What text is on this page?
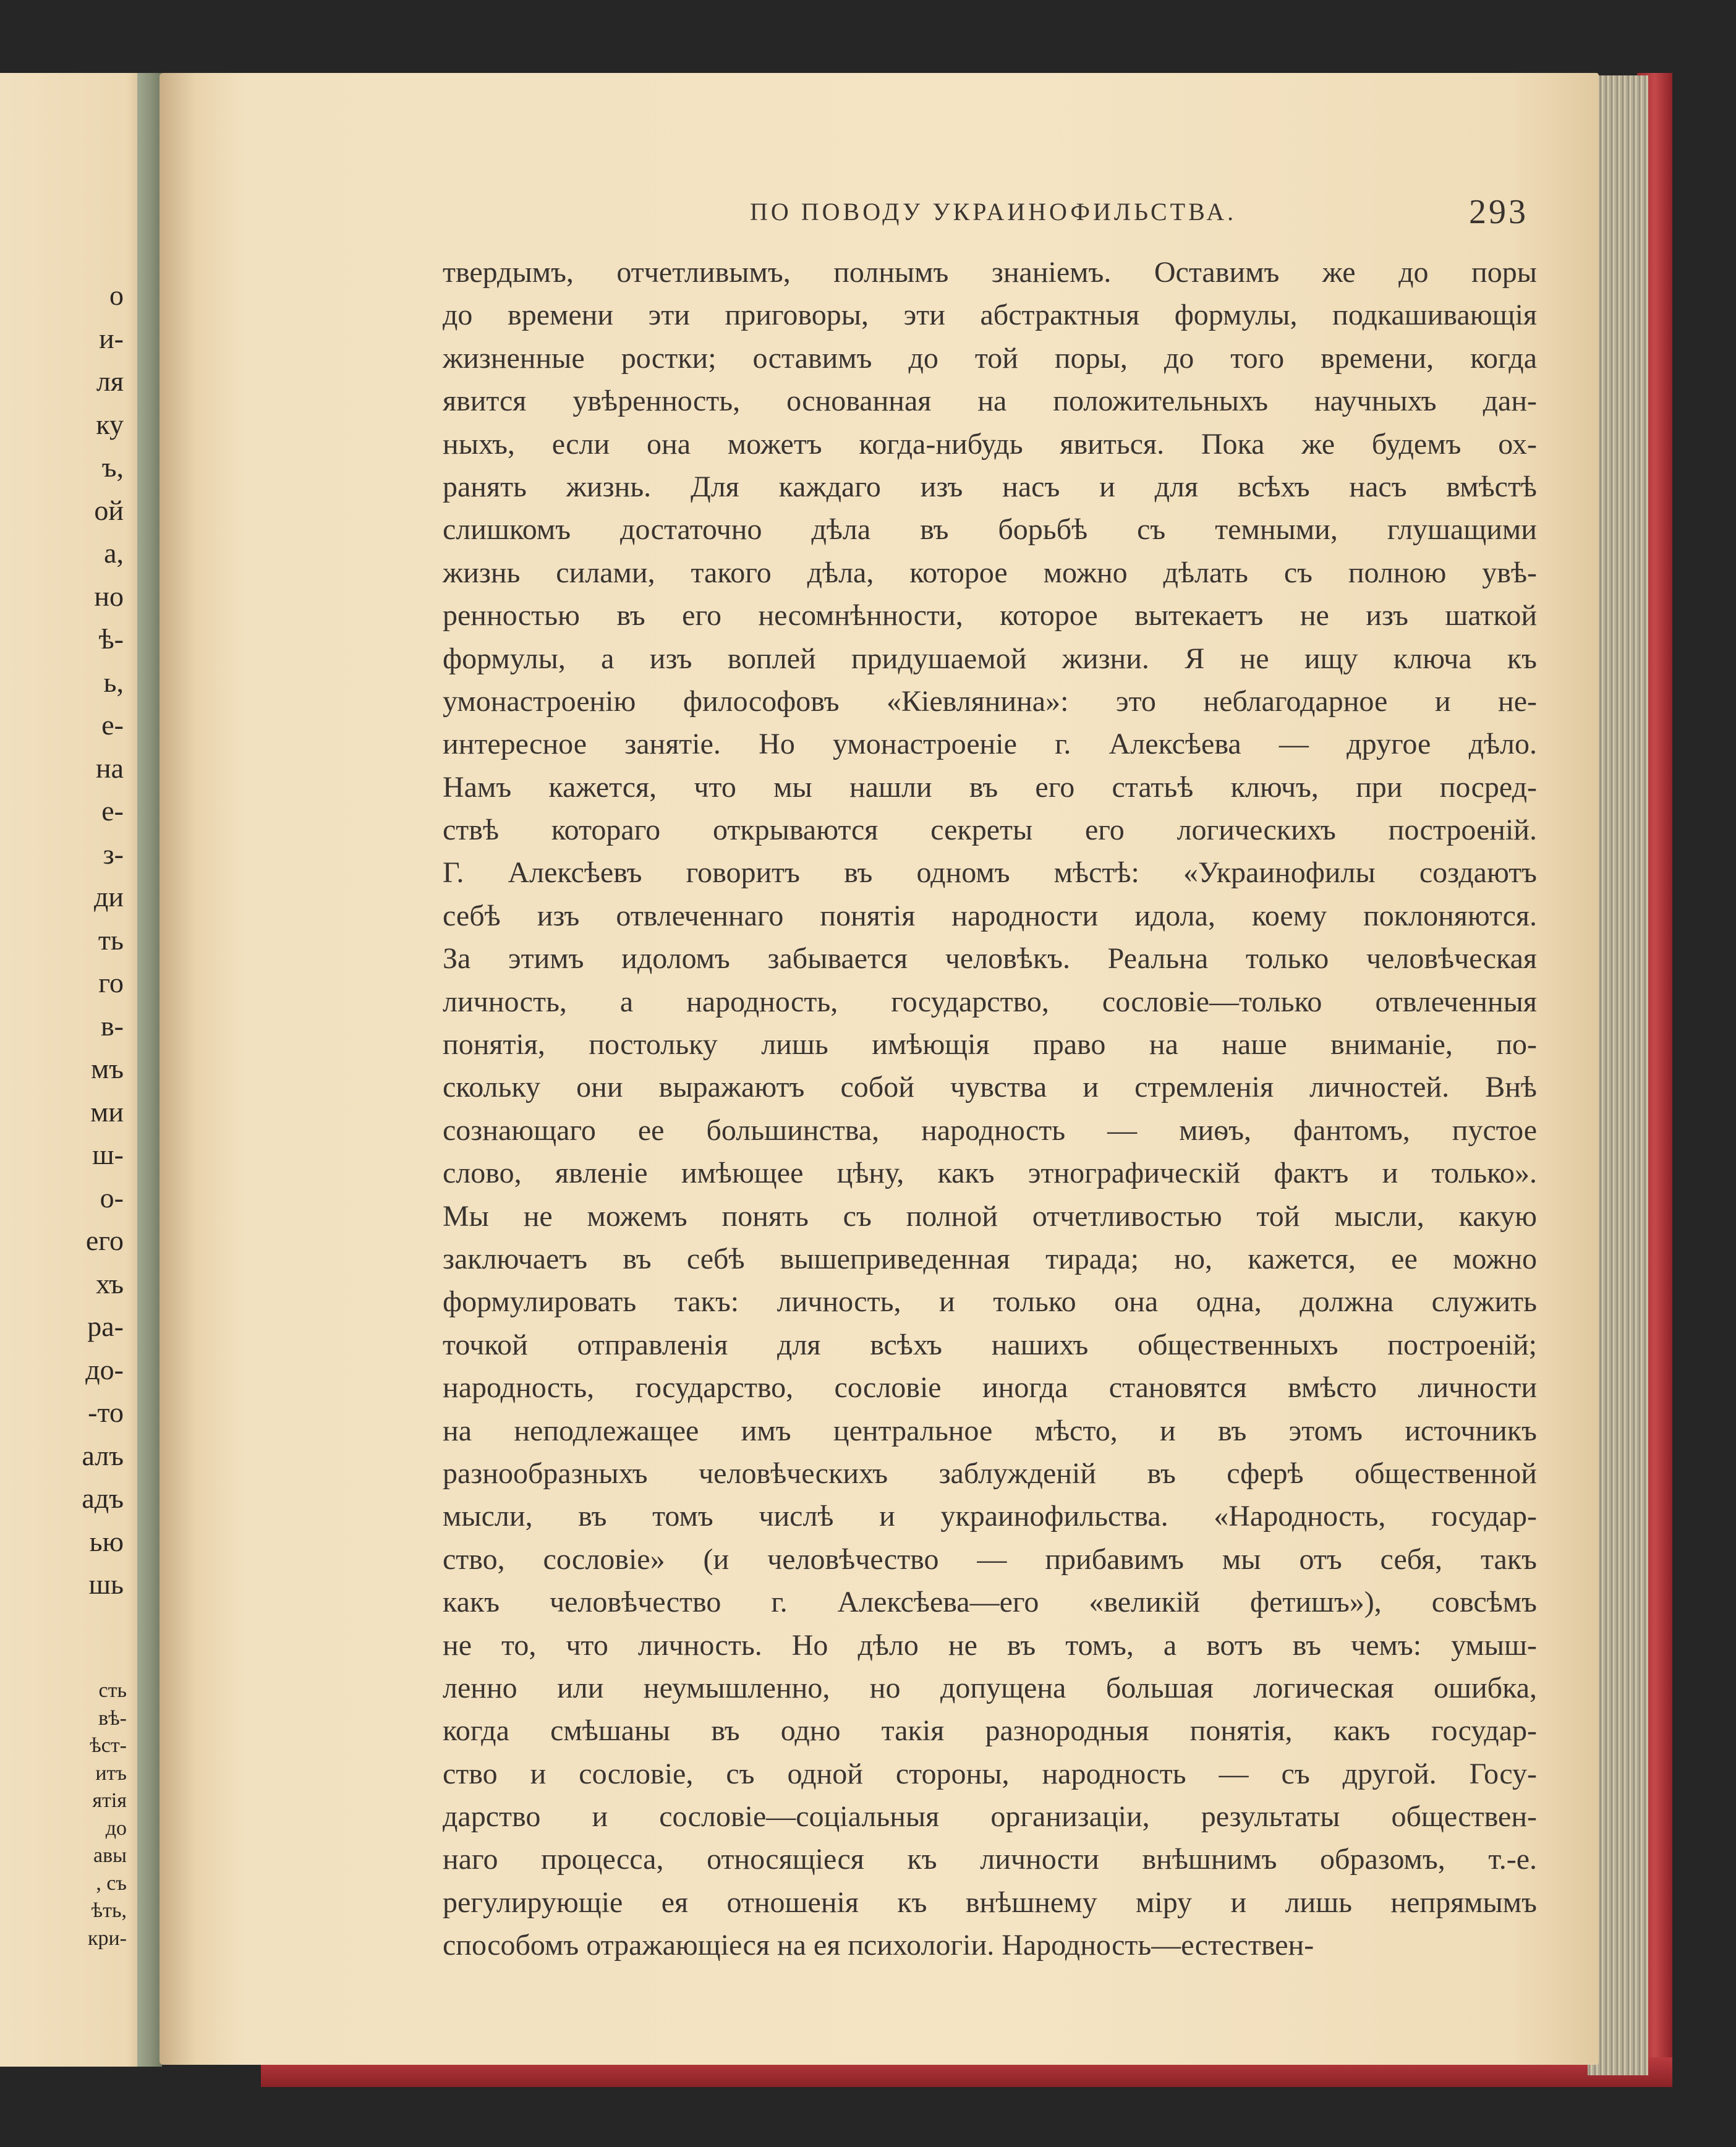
о
и-
ля
ку
ъ,
ой
а,
но
ѣ-
ь,
е-
на
е-
з-
ди
ть
го
в-
мъ
ми
ш-
о-
его
хъ
ра-
до-
-то
алъ
адъ
ью
шь
сть
вѣ-
ѣст-
итъ
ятія
до
авы
, съ
ѣть,
кри-
ПО ПОВОДУ УКРАИНОФИЛЬСТВА.	293
твердымъ, отчетливымъ, полнымъ знаніемъ. Оставимъ же до поры
до времени эти приговоры, эти абстрактныя формулы, подкашивающія
жизненные ростки; оставимъ до той поры, до того времени, когда
явится увѣренность, основанная на положительныхъ научныхъ дан-
ныхъ, если она можетъ когда-нибудь явиться. Пока же будемъ ох-
ранять жизнь. Для каждаго изъ насъ и для всѣхъ насъ вмѣстѣ
слишкомъ достаточно дѣла въ борьбѣ съ темными, глушащими
жизнь силами, такого дѣла, которое можно дѣлать съ полною увѣ-
ренностью въ его несомнѣнности, которое вытекаетъ не изъ шаткой
формулы, а изъ воплей придушаемой жизни. Я не ищу ключа къ
умонастроенію философовъ «Кіевлянина»: это неблагодарное и не-
интересное занятіе. Но умонастроеніе г. Алексѣева — другое дѣло.
Намъ кажется, что мы нашли въ его статьѣ ключъ, при посред-
ствѣ котораго открываются секреты его логическихъ построеній.
Г. Алексѣевъ говоритъ въ одномъ мѣстѣ: «Украинофилы создаютъ
себѣ изъ отвлеченнаго понятія народности идола, коему поклоняются.
За этимъ идоломъ забывается человѣкъ. Реальна только человѣческая
личность, а народность, государство, сословіе—только отвлеченныя
понятія, постольку лишь имѣющія право на наше вниманіе, по-
скольку они выражаютъ собой чувства и стремленія личностей. Внѣ
сознающаго ее большинства, народность — миѳъ, фантомъ, пустое
слово, явленіе имѣющее цѣну, какъ этнографическій фактъ и только».
Мы не можемъ понять съ полной отчетливостью той мысли, какую
заключаетъ въ себѣ вышеприведенная тирада; но, кажется, ее можно
формулировать такъ: личность, и только она одна, должна служить
точкой отправленія для всѣхъ нашихъ общественныхъ построеній;
народность, государство, сословіе иногда становятся вмѣсто личности
на неподлежащее имъ центральное мѣсто, и въ этомъ источникъ
разнообразныхъ человѣческихъ заблужденій въ сферѣ общественной
мысли, въ томъ числѣ и украинофильства. «Народность, государ-
ство, сословіе» (и человѣчество — прибавимъ мы отъ себя, такъ
какъ человѣчество г. Алексѣева—его «великій фетишъ»), совсѣмъ
не то, что личность. Но дѣло не въ томъ, а вотъ въ чемъ: умыш-
ленно или неумышленно, но допущена большая логическая ошибка,
когда смѣшаны въ одно такія разнородныя понятія, какъ государ-
ство и сословіе, съ одной стороны, народность — съ другой. Госу-
дарство и сословіе—соціальныя организаціи, результаты обществен-
наго процесса, относящіеся къ личности внѣшнимъ образомъ, т.-е.
регулирующіе ея отношенія къ внѣшнему міру и лишь непрямымъ
способомъ отражающіеся на ея психологіи. Народность—естествен-
